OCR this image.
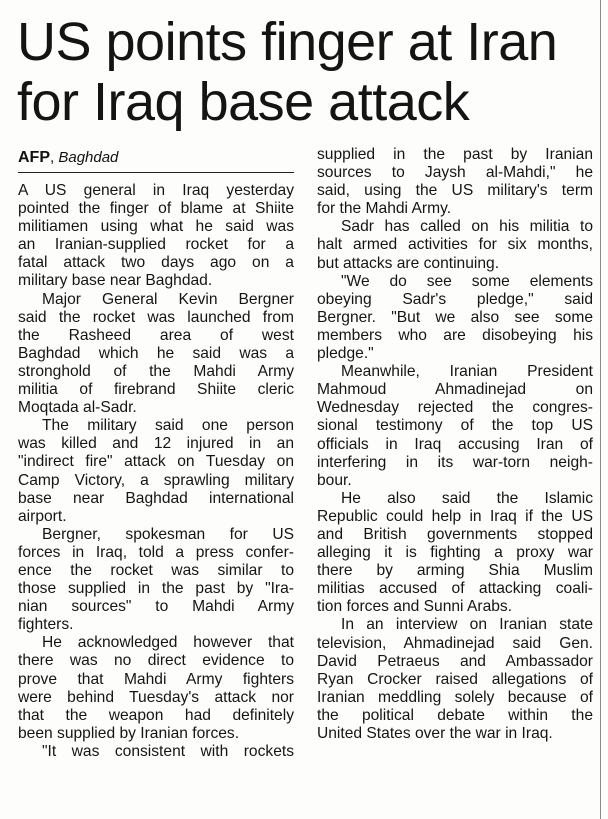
US points finger at Iran
for Iraq base attack
AFP, Baghdad
A US general in Iraq yesterday
pointed the finger of blame at Shiite
militiamen using what he said was
an Iranian-supplied rocket for a
fatal attack two days ago on a
military base near Baghdad.
Major General Kevin Bergner
said the rocket was launched from
the Rasheed area of west
Baghdad which he said was a
stronghold of the Mahdi Army
militia of firebrand Shiite cleric
Moqtada al-Sadr.
The military said one person
was killed and 12 injured in an
"indirect fire" attack on Tuesday on
Camp Victory, a sprawling military
base near Baghdad international
airport.
Bergner, spokesman for US
forces in Iraq, told a press confer-
ence the rocket was similar to
those supplied in the past by "Ira-
nian sources" to Mahdi Army
fighters.
He acknowledged however that
there was no direct evidence to
prove that Mahdi Army fighters
were behind Tuesday's attack nor
that the weapon had definitely
been supplied by Iranian forces.
"It was consistent with rockets
supplied in the past by Iranian
sources to Jaysh al-Mahdi," he
said, using the US military's term
for the Mahdi Army.
Sadr has called on his militia to
halt armed activities for six months,
but attacks are continuing.
"We do see some elements
obeying Sadr's pledge," said
Bergner. "But we also see some
members who are disobeying his
pledge."
Meanwhile, Iranian President
Mahmoud Ahmadinejad on
Wednesday rejected the congres-
sional testimony of the top US
officials in Iraq accusing Iran of
interfering in its war-torn neigh-
bour.
He also said the Islamic
Republic could help in Iraq if the US
and British governments stopped
alleging it is fighting a proxy war
there by arming Shia Muslim
militias accused of attacking coali-
tion forces and Sunni Arabs.
In an interview on Iranian state
television, Ahmadinejad said Gen.
David Petraeus and Ambassador
Ryan Crocker raised allegations of
Iranian meddling solely because of
the political debate within the
United States over the war in Iraq.
